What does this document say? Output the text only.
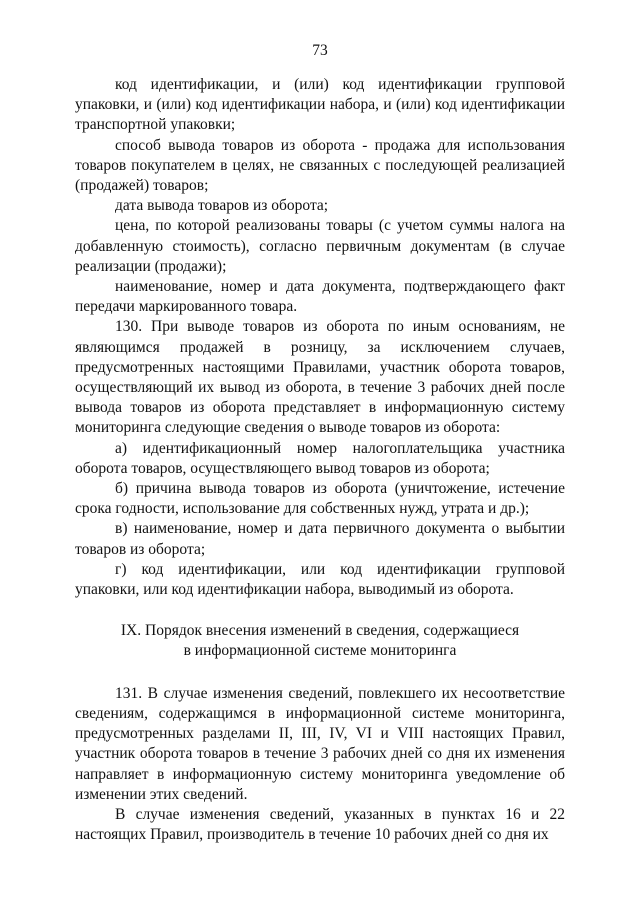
73

код идентификации, и (или) код идентификации групповой упаковки, и (или) код идентификации набора, и (или) код идентификации транспортной упаковки;

способ вывода товаров из оборота - продажа для использования товаров покупателем в целях, не связанных с последующей реализацией (продажей) товаров;

дата вывода товаров из оборота;

цена, по которой реализованы товары (с учетом суммы налога на добавленную стоимость), согласно первичным документам (в случае реализации (продажи);

наименование, номер и дата документа, подтверждающего факт передачи маркированного товара.

130. При выводе товаров из оборота по иным основаниям, не являющимся продажей в розницу, за исключением случаев, предусмотренных настоящими Правилами, участник оборота товаров, осуществляющий их вывод из оборота, в течение 3 рабочих дней после вывода товаров из оборота представляет в информационную систему мониторинга следующие сведения о выводе товаров из оборота:

а) идентификационный номер налогоплательщика участника оборота товаров, осуществляющего вывод товаров из оборота;

б) причина вывода товаров из оборота (уничтожение, истечение срока годности, использование для собственных нужд, утрата и др.);

в) наименование, номер и дата первичного документа о выбытии товаров из оборота;

г) код идентификации, или код идентификации групповой упаковки, или код идентификации набора, выводимый из оборота.

IX. Порядок внесения изменений в сведения, содержащиеся
в информационной системе мониторинга

131. В случае изменения сведений, повлекшего их несоответствие сведениям, содержащимся в информационной системе мониторинга, предусмотренных разделами II, III, IV, VI и VIII настоящих Правил, участник оборота товаров в течение 3 рабочих дней со дня их изменения направляет в информационную систему мониторинга уведомление об изменении этих сведений.

В случае изменения сведений, указанных в пунктах 16 и 22 настоящих Правил, производитель в течение 10 рабочих дней со дня их
